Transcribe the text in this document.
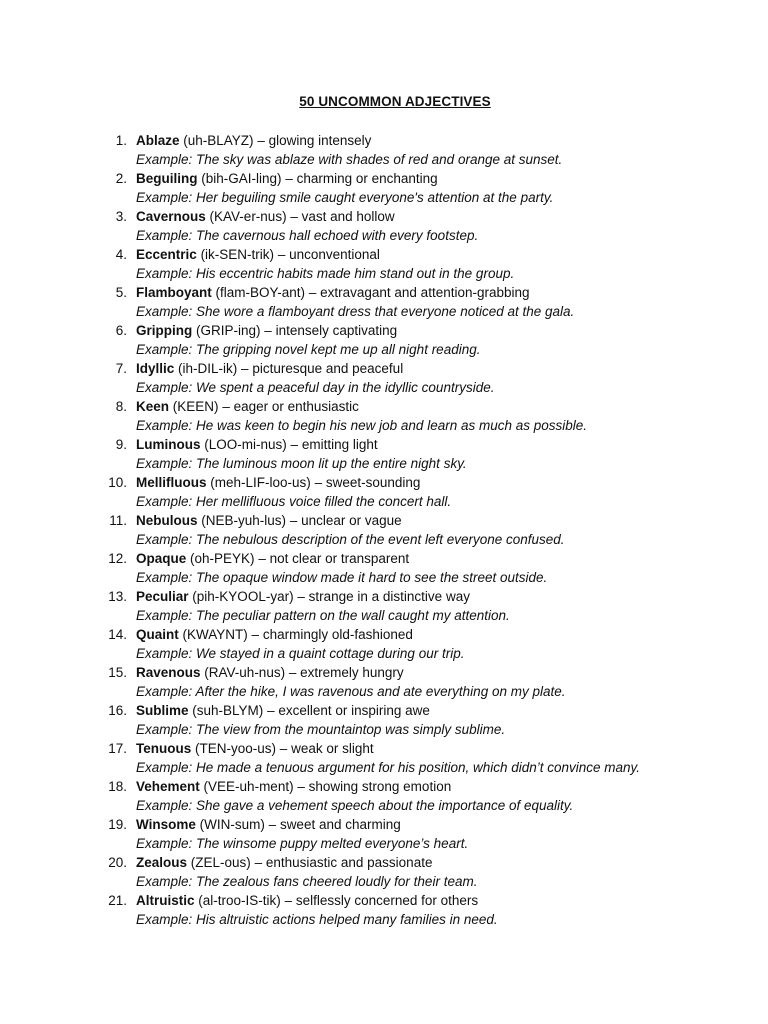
50 UNCOMMON ADJECTIVES
1. Ablaze (uh-BLAYZ) – glowing intensely
Example: The sky was ablaze with shades of red and orange at sunset.
2. Beguiling (bih-GAI-ling) – charming or enchanting
Example: Her beguiling smile caught everyone's attention at the party.
3. Cavernous (KAV-er-nus) – vast and hollow
Example: The cavernous hall echoed with every footstep.
4. Eccentric (ik-SEN-trik) – unconventional
Example: His eccentric habits made him stand out in the group.
5. Flamboyant (flam-BOY-ant) – extravagant and attention-grabbing
Example: She wore a flamboyant dress that everyone noticed at the gala.
6. Gripping (GRIP-ing) – intensely captivating
Example: The gripping novel kept me up all night reading.
7. Idyllic (ih-DIL-ik) – picturesque and peaceful
Example: We spent a peaceful day in the idyllic countryside.
8. Keen (KEEN) – eager or enthusiastic
Example: He was keen to begin his new job and learn as much as possible.
9. Luminous (LOO-mi-nus) – emitting light
Example: The luminous moon lit up the entire night sky.
10. Mellifluous (meh-LIF-loo-us) – sweet-sounding
Example: Her mellifluous voice filled the concert hall.
11. Nebulous (NEB-yuh-lus) – unclear or vague
Example: The nebulous description of the event left everyone confused.
12. Opaque (oh-PEYK) – not clear or transparent
Example: The opaque window made it hard to see the street outside.
13. Peculiar (pih-KYOOL-yar) – strange in a distinctive way
Example: The peculiar pattern on the wall caught my attention.
14. Quaint (KWAYNT) – charmingly old-fashioned
Example: We stayed in a quaint cottage during our trip.
15. Ravenous (RAV-uh-nus) – extremely hungry
Example: After the hike, I was ravenous and ate everything on my plate.
16. Sublime (suh-BLYM) – excellent or inspiring awe
Example: The view from the mountaintop was simply sublime.
17. Tenuous (TEN-yoo-us) – weak or slight
Example: He made a tenuous argument for his position, which didn’t convince many.
18. Vehement (VEE-uh-ment) – showing strong emotion
Example: She gave a vehement speech about the importance of equality.
19. Winsome (WIN-sum) – sweet and charming
Example: The winsome puppy melted everyone’s heart.
20. Zealous (ZEL-ous) – enthusiastic and passionate
Example: The zealous fans cheered loudly for their team.
21. Altruistic (al-troo-IS-tik) – selflessly concerned for others
Example: His altruistic actions helped many families in need.
